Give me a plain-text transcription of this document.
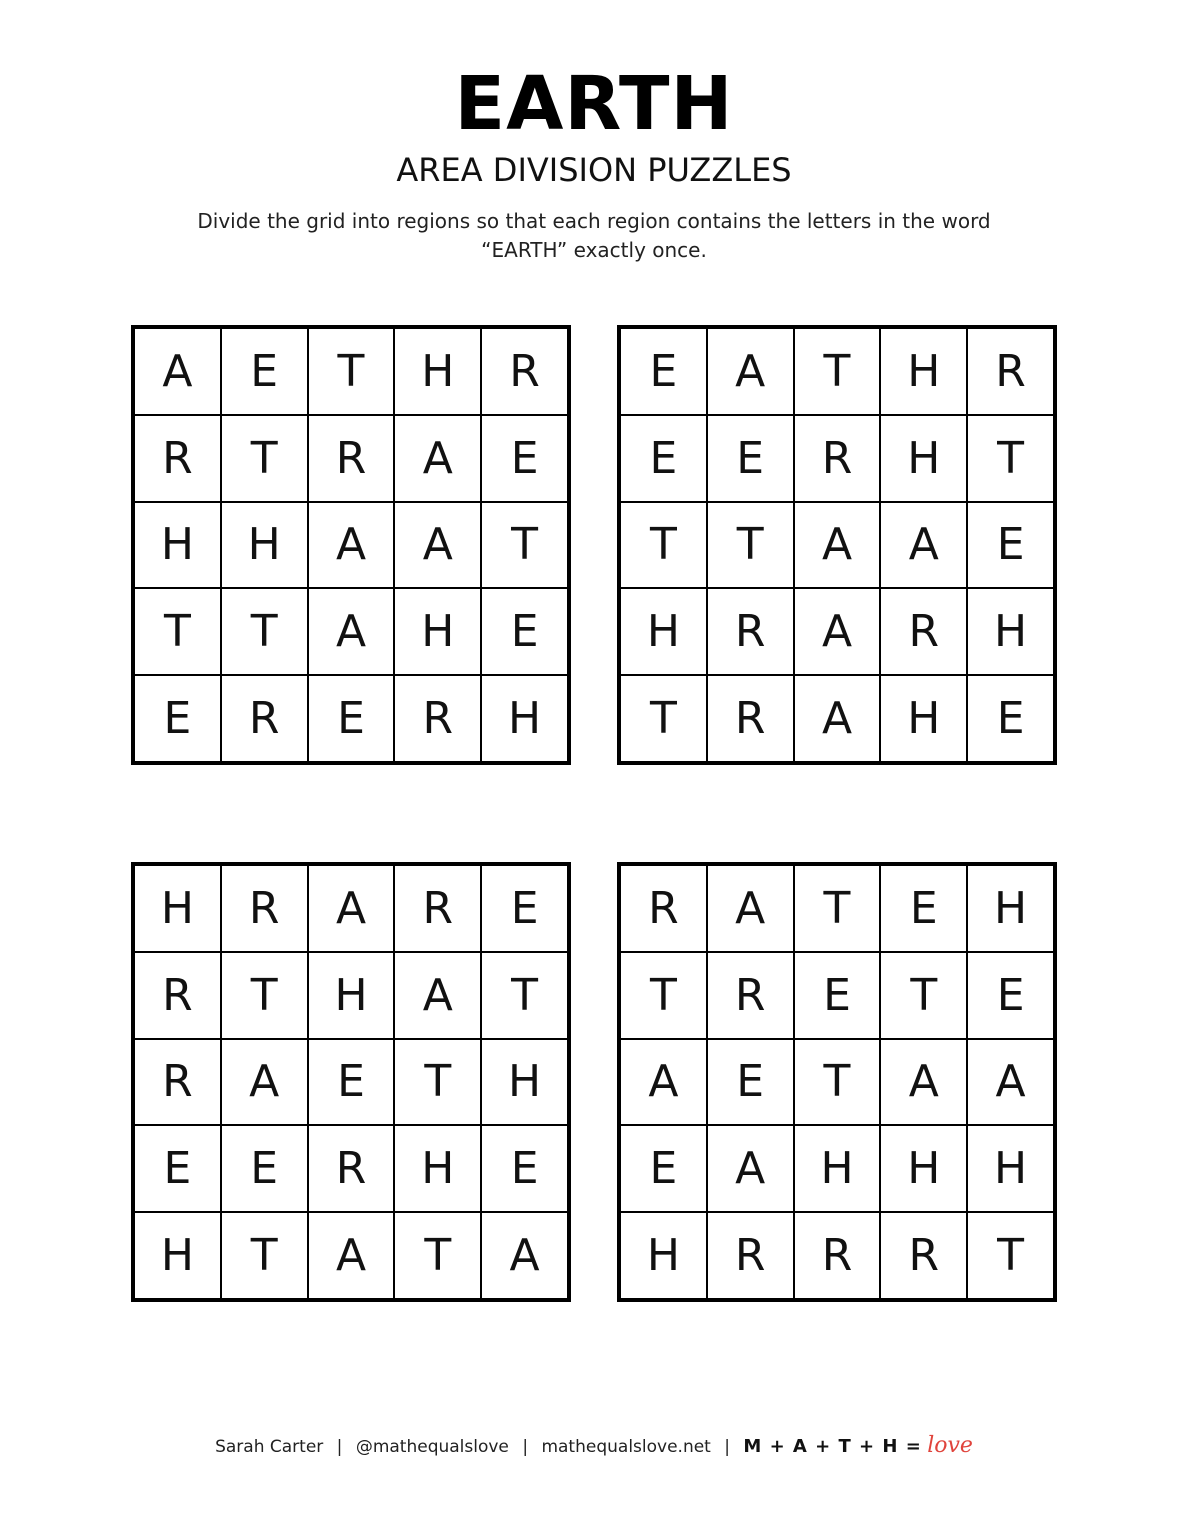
EARTH
AREA DIVISION PUZZLES
Divide the grid into regions so that each region contains the letters in the word “EARTH” exactly once.
A	E	T	H	R
R	T	R	A	E
H	H	A	A	T
T	T	A	H	E
E	R	E	R	H
E	A	T	H	R
E	E	R	H	T
T	T	A	A	E
H	R	A	R	H
T	R	A	H	E
H	R	A	R	E
R	T	H	A	T
R	A	E	T	H
E	E	R	H	E
H	T	A	T	A
R	A	T	E	H
T	R	E	T	E
A	E	T	A	A
E	A	H	H	H
H	R	R	R	T
Sarah Carter | @mathequalslove | mathequalslove.net | M + A + T + H = love
